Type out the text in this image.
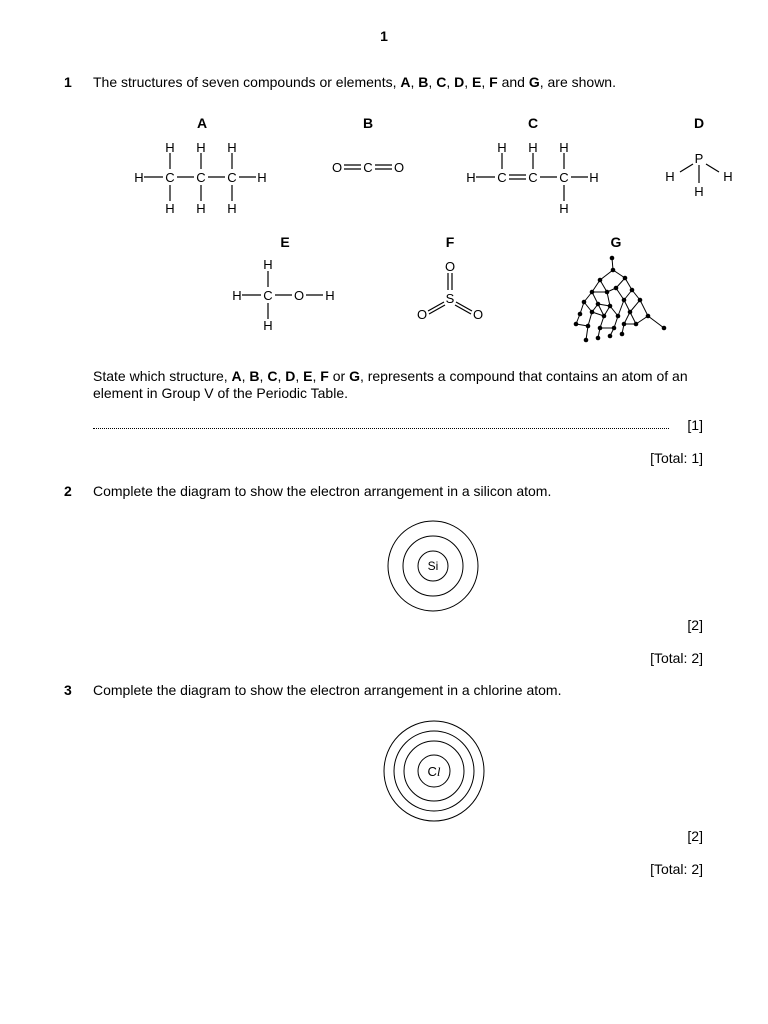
1
1 The structures of seven compounds or elements, A, B, C, D, E, F and G, are shown.
A	B	C	D
E	F	G
H H H
H C C C H
H H H
O C O
H H H
H C C C H
H
P
H	H
H
H
H C O H
H
O
S
O	O
State which structure, A, B, C, D, E, F or G, represents a compound that contains an atom of an
element in Group V of the Periodic Table.
[1]
[Total: 1]
2 Complete the diagram to show the electron arrangement in a silicon atom.
Si
[2]
[Total: 2]
3 Complete the diagram to show the electron arrangement in a chlorine atom.
Cl
[2]
[Total: 2]
